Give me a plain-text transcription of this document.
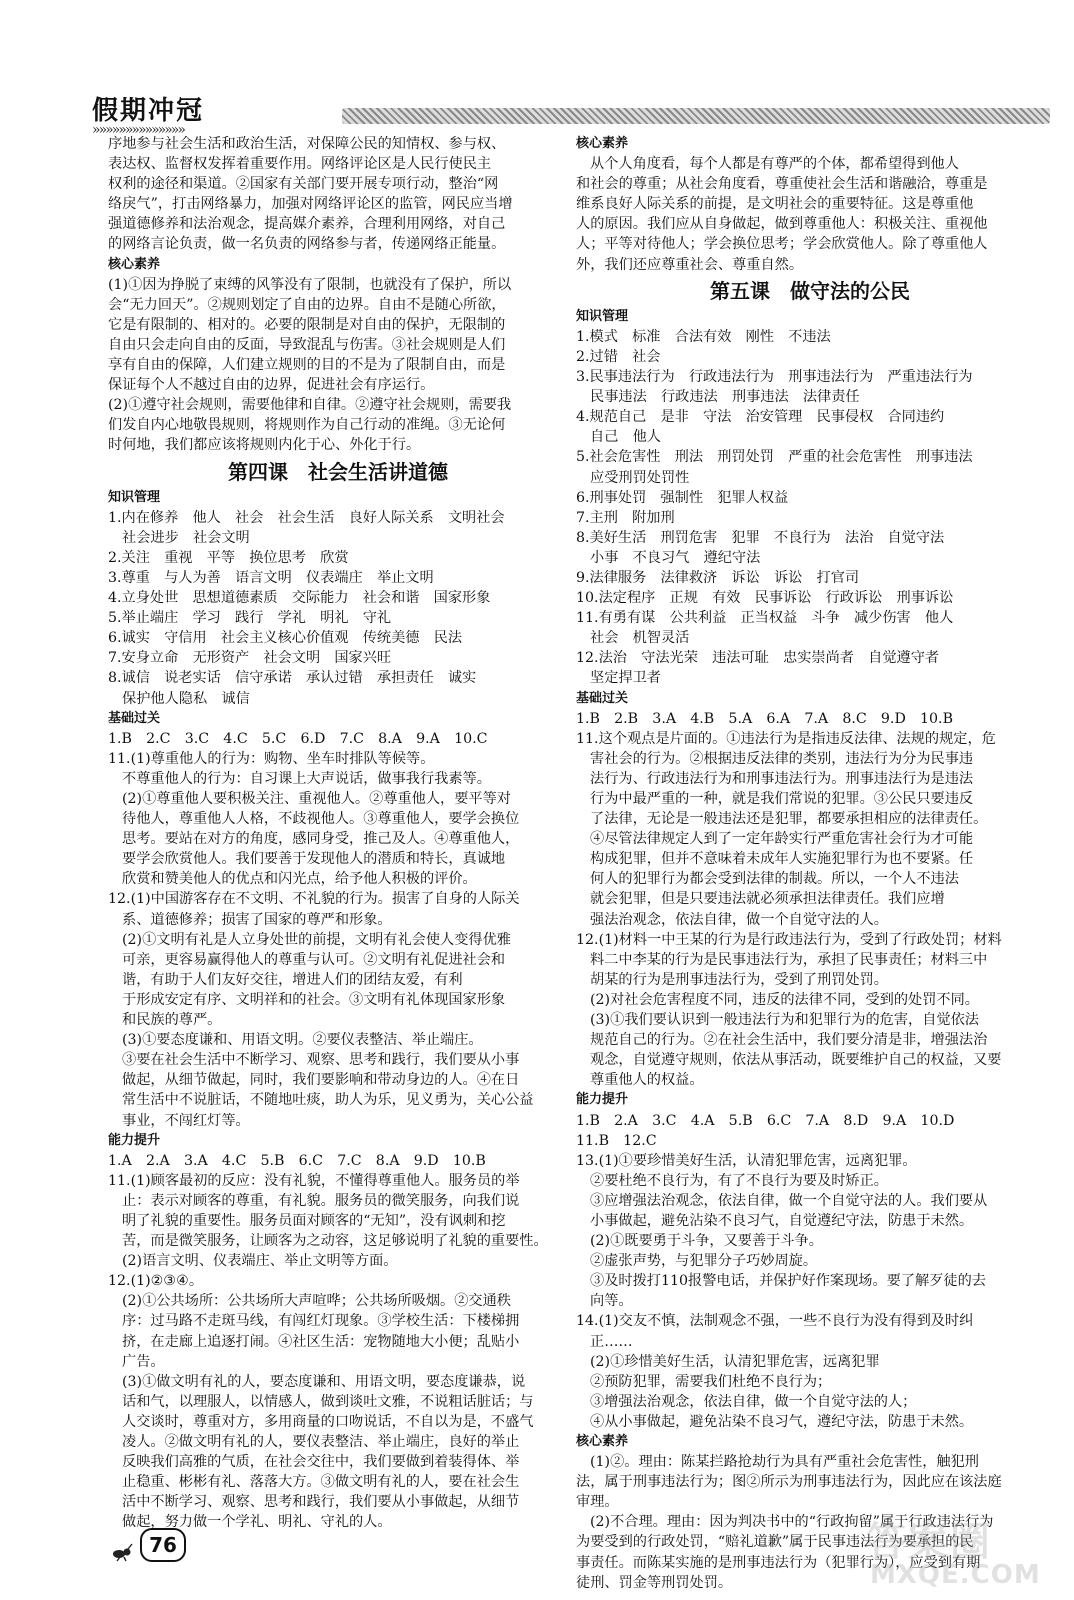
假期冲冠
»»»»»»»»»»»»»»

序地参与社会生活和政治生活，对保障公民的知情权、参与权、

表达权、监督权发挥着重要作用。网络评论区是人民行使民主

权利的途径和渠道。②国家有关部门要开展专项行动，整治“网

络戾气”，打击网络暴力，加强对网络评论区的监管，网民应当增

强道德修养和法治观念，提高媒介素养，合理利用网络，对自己

的网络言论负责，做一名负责的网络参与者，传递网络正能量。

核心素养

(1)①因为挣脱了束缚的风筝没有了限制，也就没有了保护，所以

会“无力回天”。②规则划定了自由的边界。自由不是随心所欲，

它是有限制的、相对的。必要的限制是对自由的保护，无限制的

自由只会走向自由的反面，导致混乱与伤害。③社会规则是人们

享有自由的保障，人们建立规则的目的不是为了限制自由，而是

保证每个人不越过自由的边界，促进社会有序运行。

(2)①遵守社会规则，需要他律和自律。②遵守社会规则，需要我

们发自内心地敬畏规则，将规则作为自己行动的准绳。③无论何

时何地，我们都应该将规则内化于心、外化于行。

第四课　社会生活讲道德

知识管理

1.内在修养　他人　社会　社会生活　良好人际关系　文明社会

社会进步　社会文明

2.关注　重视　平等　换位思考　欣赏

3.尊重　与人为善　语言文明　仪表端庄　举止文明

4.立身处世　思想道德素质　交际能力　社会和谐　国家形象

5.举止端庄　学习　践行　学礼　明礼　守礼

6.诚实　守信用　社会主义核心价值观　传统美德　民法

7.安身立命　无形资产　社会文明　国家兴旺

8.诚信　说老实话　信守承诺　承认过错　承担责任　诚实

保护他人隐私　诚信

基础过关

1.B　2.C　3.C　4.C　5.C　6.D　7.C　8.A　9.A　10.C

11.(1)尊重他人的行为：购物、坐车时排队等候等。

不尊重他人的行为：自习课上大声说话，做事我行我素等。

(2)①尊重他人要积极关注、重视他人。②尊重他人，要平等对

待他人，尊重他人人格，不歧视他人。③尊重他人，要学会换位

思考。要站在对方的角度，感同身受，推己及人。④尊重他人，

要学会欣赏他人。我们要善于发现他人的潜质和特长，真诚地

欣赏和赞美他人的优点和闪光点，给予他人积极的评价。

12.(1)中国游客存在不文明、不礼貌的行为。损害了自身的人际关

系、道德修养；损害了国家的尊严和形象。

(2)①文明有礼是人立身处世的前提，文明有礼会使人变得优雅

可亲，更容易赢得他人的尊重与认可。②文明有礼促进社会和

谐，有助于人们友好交往，增进人们的团结友爱，有利

于形成安定有序、文明祥和的社会。③文明有礼体现国家形象

和民族的尊严。

(3)①要态度谦和、用语文明。②要仪表整洁、举止端庄。

③要在社会生活中不断学习、观察、思考和践行，我们要从小事

做起，从细节做起，同时，我们要影响和带动身边的人。④在日

常生活中不说脏话，不随地吐痰，助人为乐，见义勇为，关心公益

事业，不闯红灯等。

能力提升

1.A　2.A　3.A　4.C　5.B　6.C　7.C　8.A　9.D　10.B

11.(1)顾客最初的反应：没有礼貌，不懂得尊重他人。服务员的举

止：表示对顾客的尊重，有礼貌。服务员的微笑服务，向我们说

明了礼貌的重要性。服务员面对顾客的“无知”，没有讽刺和挖

苦，而是微笑服务，让顾客为之动容，这足够说明了礼貌的重要性。

(2)语言文明、仪表端庄、举止文明等方面。

12.(1)②③④。

(2)①公共场所：公共场所大声喧哗；公共场所吸烟。②交通秩

序：过马路不走斑马线，有闯红灯现象。③学校生活：下楼梯拥

挤，在走廊上追逐打闹。④社区生活：宠物随地大小便；乱贴小

广告。

(3)①做文明有礼的人，要态度谦和、用语文明，要态度谦恭，说

话和气，以理服人，以情感人，做到谈吐文雅，不说粗话脏话；与

人交谈时，尊重对方，多用商量的口吻说话，不自以为是，不盛气

凌人。②做文明有礼的人，要仪表整洁、举止端庄，良好的举止

反映我们高雅的气质，在社会交往中，我们要做到着装得体、举

止稳重、彬彬有礼、落落大方。③做文明有礼的人，要在社会生

活中不断学习、观察、思考和践行，我们要从小事做起，从细节

做起，努力做一个学礼、明礼、守礼的人。

核心素养

从个人角度看，每个人都是有尊严的个体，都希望得到他人

和社会的尊重；从社会角度看，尊重使社会生活和谐融洽，尊重是

维系良好人际关系的前提，是文明社会的重要特征。这是尊重他

人的原因。我们应从自身做起，做到尊重他人：积极关注、重视他

人；平等对待他人；学会换位思考；学会欣赏他人。除了尊重他人

外，我们还应尊重社会、尊重自然。

第五课　做守法的公民

知识管理

1.模式　标准　合法有效　刚性　不违法

2.过错　社会

3.民事违法行为　行政违法行为　刑事违法行为　严重违法行为

民事违法　行政违法　刑事违法　法律责任

4.规范自己　是非　守法　治安管理　民事侵权　合同违约

自己　他人

5.社会危害性　刑法　刑罚处罚　严重的社会危害性　刑事违法

应受刑罚处罚性

6.刑事处罚　强制性　犯罪人权益

7.主刑　附加刑

8.美好生活　刑罚危害　犯罪　不良行为　法治　自觉守法

小事　不良习气　遵纪守法

9.法律服务　法律救济　诉讼　诉讼　打官司

10.法定程序　正规　有效　民事诉讼　行政诉讼　刑事诉讼

11.有勇有谋　公共利益　正当权益　斗争　减少伤害　他人

社会　机智灵活

12.法治　守法光荣　违法可耻　忠实崇尚者　自觉遵守者

坚定捍卫者

基础过关

1.B　2.B　3.A　4.B　5.A　6.A　7.A　8.C　9.D　10.B

11.这个观点是片面的。①违法行为是指违反法律、法规的规定，危

害社会的行为。②根据违反法律的类别，违法行为分为民事违

法行为、行政违法行为和刑事违法行为。刑事违法行为是违法

行为中最严重的一种，就是我们常说的犯罪。③公民只要违反

了法律，无论是一般违法还是犯罪，都要承担相应的法律责任。

④尽管法律规定人到了一定年龄实行严重危害社会行为才可能

构成犯罪，但并不意味着未成年人实施犯罪行为也不要紧。任

何人的犯罪行为都会受到法律的制裁。所以，一个人不违法

就会犯罪，但是只要违法就必须承担法律责任。我们应增

强法治观念，依法自律，做一个自觉守法的人。

12.(1)材料一中王某的行为是行政违法行为，受到了行政处罚；材料

料二中李某的行为是民事违法行为，承担了民事责任；材料三中

胡某的行为是刑事违法行为，受到了刑罚处罚。

(2)对社会危害程度不同，违反的法律不同，受到的处罚不同。

(3)①我们要认识到一般违法行为和犯罪行为的危害，自觉依法

规范自己的行为。②在社会生活中，我们要分清是非，增强法治

观念，自觉遵守规则，依法从事活动，既要维护自己的权益，又要

尊重他人的权益。

能力提升

1.B　2.A　3.C　4.A　5.B　6.C　7.A　8.D　9.A　10.D

11.B　12.C

13.(1)①要珍惜美好生活，认清犯罪危害，远离犯罪。

②要杜绝不良行为，有了不良行为要及时矫正。

③应增强法治观念，依法自律，做一个自觉守法的人。我们要从

小事做起，避免沾染不良习气，自觉遵纪守法，防患于未然。

(2)①既要勇于斗争，又要善于斗争。

②虚张声势，与犯罪分子巧妙周旋。

③及时拨打110报警电话，并保护好作案现场。要了解歹徒的去

向等。

14.(1)交友不慎，法制观念不强，一些不良行为没有得到及时纠

正……

(2)①珍惜美好生活，认清犯罪危害，远离犯罪

②预防犯罪，需要我们杜绝不良行为；

③增强法治观念，依法自律，做一个自觉守法的人；

④从小事做起，避免沾染不良习气，遵纪守法，防患于未然。

核心素养

(1)②。理由：陈某拦路抢劫行为具有严重社会危害性，触犯刑

法，属于刑事违法行为；图②所示为刑事违法行为，因此应在该法庭

审理。

(2)不合理。理由：因为判决书中的“行政拘留”属于行政违法行为

为要受到的行政处罚，“赔礼道歉”属于民事违法行为要承担的民

事责任。而陈某实施的是刑事违法行为（犯罪行为），应受到有期

徒刑、罚金等刑罚处罚。

76	答案圈
MXQE.COM
